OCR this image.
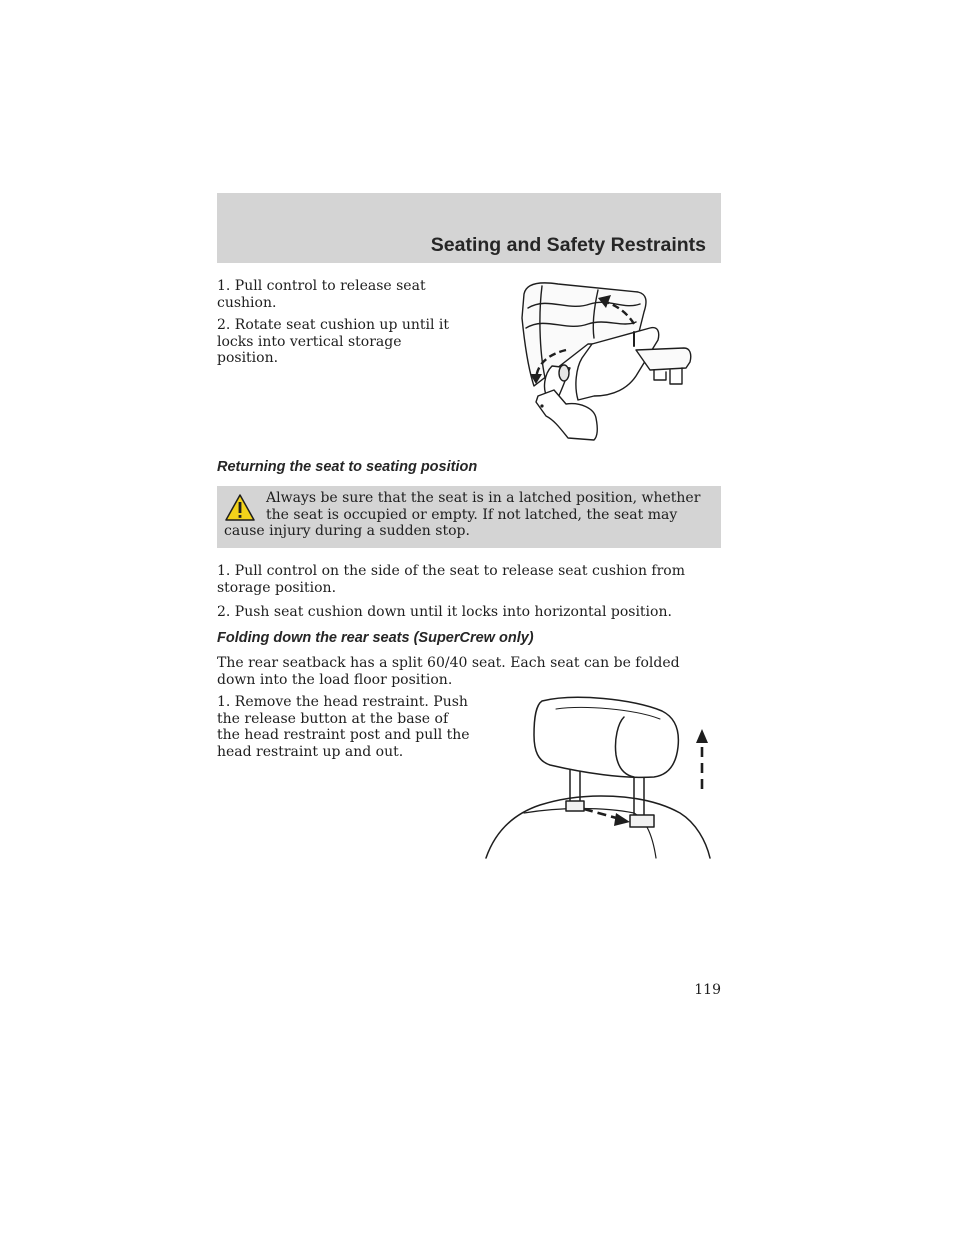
Seating and Safety Restraints

1. Pull control to release seat cushion.

2. Rotate seat cushion up until it locks into vertical storage position.

Returning the seat to seating position

Always be sure that the seat is in a latched position, whether the seat is occupied or empty. If not latched, the seat may cause injury during a sudden stop.

1. Pull control on the side of the seat to release seat cushion from storage position.

2. Push seat cushion down until it locks into horizontal position.

Folding down the rear seats (SuperCrew only)

The rear seatback has a split 60/40 seat. Each seat can be folded down into the load floor position.

1. Remove the head restraint. Push the release button at the base of the head restraint post and pull the head restraint up and out.

119
